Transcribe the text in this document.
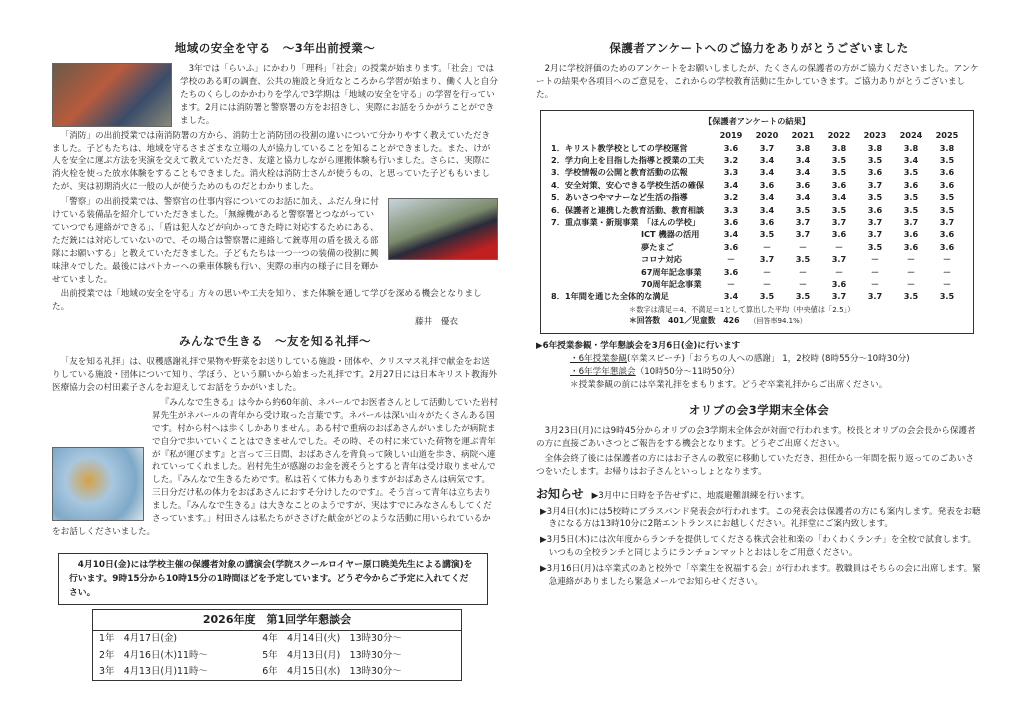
地域の安全を守る　～3年出前授業～

3年では「らいふ」にかわり「理科」「社会」の授業が始まります。「社会」では学校のある町の調査、公共の施設と身近なところから学習が始まり、働く人と自分たちのくらしのかかわりを学んで3学期は「地域の安全を守る」の学習を行っています。2月には消防署と警察署の方をお招きし、実際にお話をうかがうことができました。

「消防」の出前授業では南消防署の方から、消防士と消防団の役割の違いについて分かりやすく教えていただきました。子どもたちは、地域を守るさまざまな立場の人が協力していることを知ることができました。また、けが人を安全に運ぶ方法を実演を交えて教えていただき、友達と協力しながら運搬体験も行いました。さらに、実際に消火栓を使った放水体験をすることもできました。消火栓は消防士さんが使うもの、と思っていた子どももいましたが、実は初期消火に一般の人が使うためのものだとわかりました。

「警察」の出前授業では、警察官の仕事内容についてのお話に加え、ふだん身に付けている装備品を紹介していただきました。「無線機があると警察署とつながっていていつでも連絡ができる」、「盾は犯人などが向かってきた時に対応するためにある、ただ銃には対応していないので、その場合は警察署に連絡して銃専用の盾を扱える部隊にお願いする」と教えていただきました。子どもたちは一つ一つの装備の役割に興味津々でした。最後にはパトカーへの乗車体験も行い、実際の車内の様子に目を輝かせていました。

出前授業では「地域の安全を守る」方々の思いや工夫を知り、また体験を通して学びを深める機会となりました。

藤井　優衣
みんなで生きる　～友を知る礼拝～

「友を知る礼拝」は、収穫感謝礼拝で果物や野菜をお送りしている施設・団体や、クリスマス礼拝で献金をお送りしている施設・団体について知り、学ぼう、という願いから始まった礼拝です。2月27日には日本キリスト教海外医療協力会の村田素子さんをお迎えしてお話をうかがいました。

『みんなで生きる』は今から約60年前、ネパールでお医者さんとして活動していた岩村昇先生がネパールの青年から受け取った言葉です。ネパールは深い山々がたくさんある国です。村から村へは歩くしかありません。ある村で重病のおばあさんがいましたが病院まで自分で歩いていくことはできませんでした。その時、その村に来ていた荷物を運ぶ青年が『私が運びます』と言って三日間、おばあさんを背負って険しい山道を歩き、病院へ連れていってくれました。岩村先生が感謝のお金を渡そうとすると青年は受け取りませんでした。『みんなで生きるためです。私は若くて体力もありますがおばあさんは病気です。三日分だけ私の体力をおばあさんにおすそ分けしたのです』。そう言って青年は立ち去りました。『みんなで生きる』は大きなことのようですが、実はすでにみなさんもしてくださっています。」村田さんは私たちがささげた献金がどのような活動に用いられているかをお話しくださいました。

4月10日(金)には学校主催の保護者対象の講演会(学院スクールロイヤー原口暁美先生による講演)を行います。9時15分から10時15分の1時間ほどを予定しています。どうぞ今からご予定に入れてください。
2026年度　第1回学年懇談会
1年　4月17日(金)	4年　4月14日(火)　13時30分～
2年　4月16日(木)11時～	5年　4月13日(月)　13時30分～
3年　4月13日(月)11時～	6年　4月15日(水)　13時30分～
保護者アンケートへのご協力をありがとうございました

2月に学校評価のためのアンケートをお願いしましたが、たくさんの保護者の方がご協力くださいました。アンケートの結果や各項目へのご意見を、これからの学校教育活動に生かしていきます。ご協力ありがとうございました。

【保護者アンケートの結果】
	2019	2020	2021	2022	2023	2024	2025
1．キリスト教学校としての学校運営	3.6	3.7	3.8	3.8	3.8	3.8	3.8
2．学力向上を目指した指導と授業の工夫	3.2	3.4	3.4	3.5	3.5	3.4	3.5
3．学校情報の公開と教育活動の広報	3.3	3.4	3.4	3.5	3.6	3.5	3.6
4．安全対策、安心できる学校生活の確保	3.4	3.6	3.6	3.6	3.7	3.6	3.6
5．あいさつやマナーなど生活の指導	3.2	3.4	3.4	3.4	3.5	3.5	3.5
6．保護者と連携した教育活動、教育相談	3.3	3.4	3.5	3.5	3.6	3.5	3.5
7．重点事業・新規事業　「ほんの学校」	3.6	3.6	3.7	3.7	3.7	3.7	3.7
ICT 機器の活用	3.4	3.5	3.7	3.6	3.7	3.6	3.6
夢たまご	3.6	－	－	－	3.5	3.6	3.6
コロナ対応	－	3.7	3.5	3.7	－	－	－
67周年記念事業	3.6	－	－	－	－	－	－
70周年記念事業	－	－	－	3.6	－	－	－
8．1年間を通じた全体的な満足	3.4	3.5	3.5	3.7	3.7	3.5	3.5
＊数字は満足＝4、不満足＝1として算出した平均（中央値は「2.5」）
＊回答数　401／児童数　426 （回答率94.1%）
▶6年授業参観・学年懇談会を3月6日(金)に行います
・6年授業参観(卒業スピーチ)「おうちの人への感謝」 1，2校時 (8時55分～10時30分)
・6年学年懇談会（10時50分～11時50分）
＊授業参観の前には卒業礼拝をまもります。どうぞ卒業礼拝からご出席ください。
オリブの会3学期末全体会

3月23日(月)には9時45分からオリブの会3学期末全体会が対面で行われます。校長とオリブの会会長から保護者の方に直接ごあいさつとご報告をする機会となります。どうぞご出席ください。

全体会終了後には保護者の方にはお子さんの教室に移動していただき、担任から一年間を振り返ってのごあいさつをいたします。お帰りはお子さんといっしょとなります。

お知らせ ▶3月中に日時を予告せずに、地震避難訓練を行います。
▶3月4日(水)には5校時にブラスバンド発表会が行われます。この発表会は保護者の方にも案内します。発表をお聴きになる方は13時10分に2階エントランスにお越しください。礼拝堂にご案内致します。
▶3月5日(木)には次年度からランチを提供してくださる株式会社和楽の「わくわくランチ」を全校で試食します。いつもの全校ランチと同じようにランチョンマットとおはしをご用意ください。
▶3月16日(月)は卒業式のあと校外で「卒業生を祝福する会」が行われます。教職員はそちらの会に出席します。緊急連絡がありましたら緊急メールでお知らせください。
